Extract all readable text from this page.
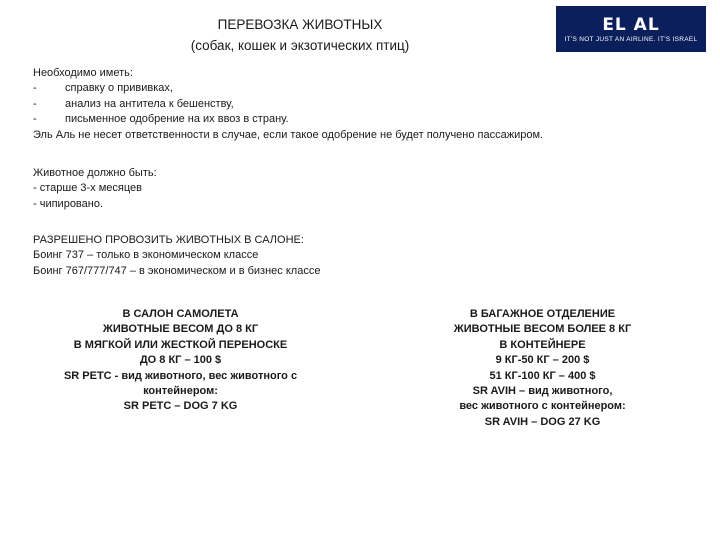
ПЕРЕВОЗКА ЖИВОТНЫХ
(собак, кошек и экзотических птиц)
EL AL
IT'S NOT JUST AN AIRLINE. IT'S ISRAEL
Необходимо иметь:
-	справку о прививках,
-	анализ на антитела к бешенству,
-	письменное одобрение на их ввоз в страну.
Эль Аль не несет ответственности в случае, если такое одобрение не будет получено пассажиром.
Животное должно быть:
- старше 3-х месяцев
- чипировано.
РАЗРЕШЕНО ПРОВОЗИТЬ ЖИВОТНЫХ В САЛОНЕ:
Боинг 737 – только в экономическом классе
Боинг 767/777/747 – в экономическом и в бизнес классе
В САЛОН САМОЛЕТА
ЖИВОТНЫЕ ВЕСОМ ДО 8 КГ
В МЯГКОЙ ИЛИ ЖЕСТКОЙ ПЕРЕНОСКЕ
ДО 8 КГ – 100 $
SR PETC - вид животного, вес животного с
контейнером:
SR PETC – DOG 7 KG
В БАГАЖНОЕ ОТДЕЛЕНИЕ
ЖИВОТНЫЕ ВЕСОМ БОЛЕЕ 8 КГ
В КОНТЕЙНЕРЕ
9 КГ-50 КГ – 200 $
51 КГ-100 КГ – 400 $
SR AVIH – вид животного,
вес животного с контейнером:
SR AVIH – DOG 27 KG
